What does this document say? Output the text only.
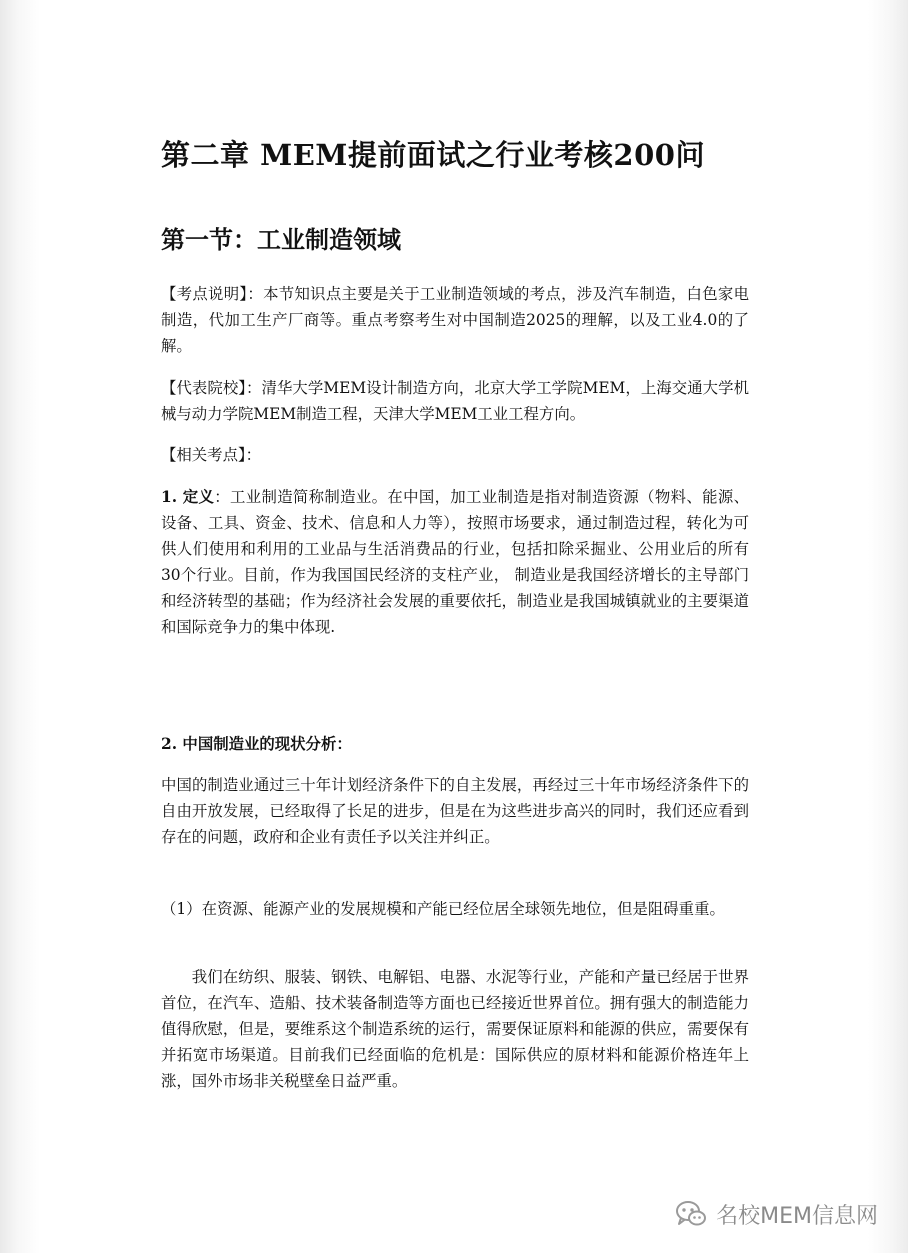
第二章 MEM提前面试之行业考核200问
第一节：工业制造领域
【考点说明】：本节知识点主要是关于工业制造领域的考点，涉及汽车制造，白色家电制造，代加工生产厂商等。重点考察考生对中国制造2025的理解，以及工业4.0的了解。
【代表院校】：清华大学MEM设计制造方向，北京大学工学院MEM，上海交通大学机械与动力学院MEM制造工程，天津大学MEM工业工程方向。
【相关考点】：
1. 定义：工业制造简称制造业。在中国，加工业制造是指对制造资源（物料、能源、设备、工具、资金、技术、信息和人力等），按照市场要求，通过制造过程，转化为可供人们使用和利用的工业品与生活消费品的行业，包括扣除采掘业、公用业后的所有30个行业。目前，作为我国国民经济的支柱产业， 制造业是我国经济增长的主导部门和经济转型的基础；作为经济社会发展的重要依托，制造业是我国城镇就业的主要渠道和国际竞争力的集中体现.
2. 中国制造业的现状分析：
中国的制造业通过三十年计划经济条件下的自主发展，再经过三十年市场经济条件下的自由开放发展，已经取得了长足的进步，但是在为这些进步高兴的同时，我们还应看到存在的问题，政府和企业有责任予以关注并纠正。
（1）在资源、能源产业的发展规模和产能已经位居全球领先地位，但是阻碍重重。
我们在纺织、服装、钢铁、电解铝、电器、水泥等行业，产能和产量已经居于世界首位，在汽车、造船、技术装备制造等方面也已经接近世界首位。拥有强大的制造能力值得欣慰，但是，要维系这个制造系统的运行，需要保证原料和能源的供应，需要保有并拓宽市场渠道。目前我们已经面临的危机是：国际供应的原材料和能源价格连年上涨，国外市场非关税壁垒日益严重。
名校MEM信息网
